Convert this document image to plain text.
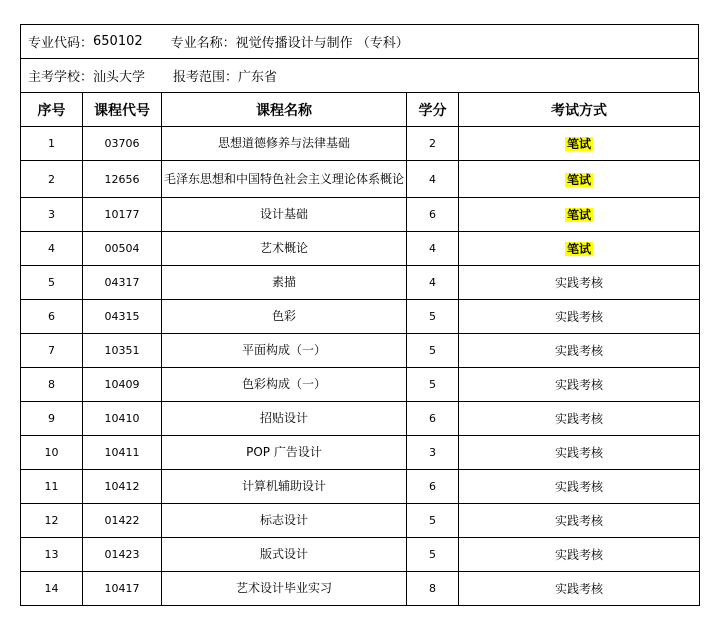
专业代码： 650102 专业名称： 视觉传播设计与制作 （专科）
主考学校： 汕头大学 报考范围： 广东省
序号	课程代号	课程名称	学分	考试方式
1	03706	思想道德修养与法律基础	2	笔试
2	12656	毛泽东思想和中国特色社会主义理论体系概论	4	笔试
3	10177	设计基础	6	笔试
4	00504	艺术概论	4	笔试
5	04317	素描	4	实践考核
6	04315	色彩	5	实践考核
7	10351	平面构成（一）	5	实践考核
8	10409	色彩构成（一）	5	实践考核
9	10410	招贴设计	6	实践考核
10	10411	POP 广告设计	3	实践考核
11	10412	计算机辅助设计	6	实践考核
12	01422	标志设计	5	实践考核
13	01423	版式设计	5	实践考核
14	10417	艺术设计毕业实习	8	实践考核
